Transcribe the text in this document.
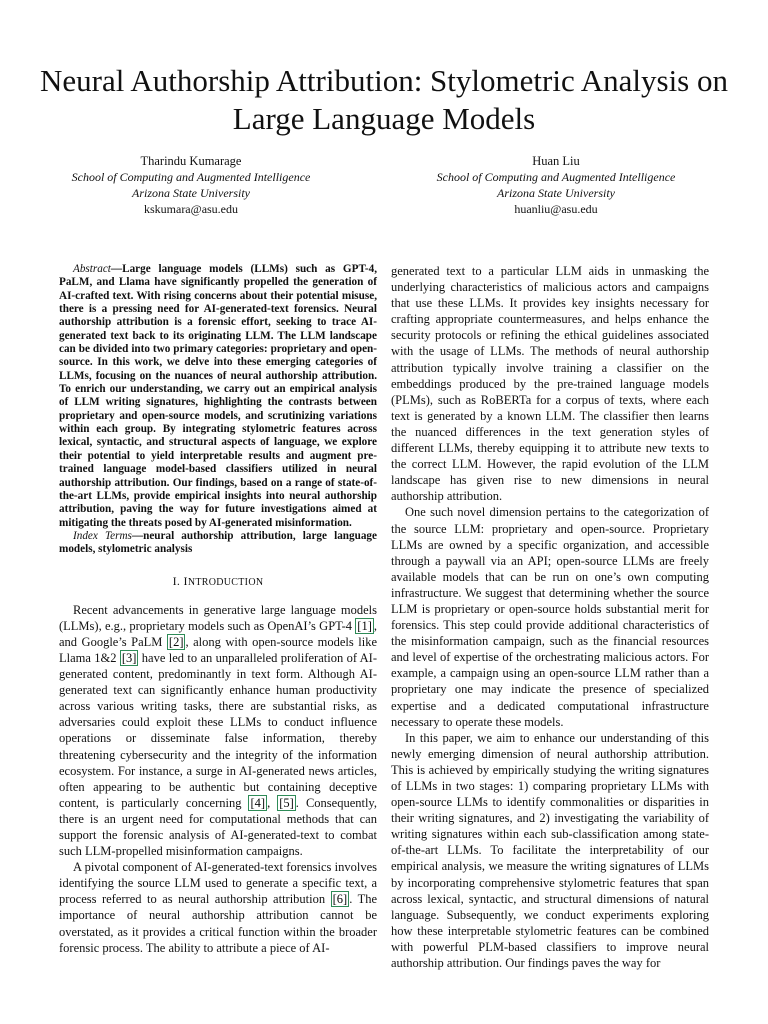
Neural Authorship Attribution: Stylometric Analysis on Large Language Models
Tharindu Kumarage
School of Computing and Augmented Intelligence
Arizona State University
kskumara@asu.edu
Huan Liu
School of Computing and Augmented Intelligence
Arizona State University
huanliu@asu.edu

Abstract—Large language models (LLMs) such as GPT-4, PaLM, and Llama have significantly propelled the generation of AI-crafted text. With rising concerns about their potential misuse, there is a pressing need for AI-generated-text forensics. Neural authorship attribution is a forensic effort, seeking to trace AI-generated text back to its originating LLM. The LLM landscape can be divided into two primary categories: proprietary and open-source. In this work, we delve into these emerging categories of LLMs, focusing on the nuances of neural authorship attribution. To enrich our understanding, we carry out an empirical analysis of LLM writing signatures, highlighting the contrasts between proprietary and open-source models, and scrutinizing variations within each group. By integrating stylometric features across lexical, syntactic, and structural aspects of language, we explore their potential to yield interpretable results and augment pre-trained language model-based classifiers utilized in neural authorship attribution. Our findings, based on a range of state-of-the-art LLMs, provide empirical insights into neural authorship attribution, paving the way for future investigations aimed at mitigating the threats posed by AI-generated misinformation.

Index Terms—neural authorship attribution, large language models, stylometric analysis

I. INTRODUCTION

Recent advancements in generative large language models (LLMs), e.g., proprietary models such as OpenAI’s GPT-4 [1] , and Google’s PaLM [2] , along with open-source models like Llama 1&2 [3] have led to an unparalleled proliferation of AI-generated content, predominantly in text form. Although AI-generated text can significantly enhance human productivity across various writing tasks, there are substantial risks, as adversaries could exploit these LLMs to conduct influence operations or disseminate false information, thereby threatening cybersecurity and the integrity of the information ecosystem. For instance, a surge in AI-generated news articles, often appearing to be authentic but containing deceptive content, is particularly concerning [4] , [5] . Consequently, there is an urgent need for computational methods that can support the forensic analysis of AI-generated-text to combat such LLM-propelled misinformation campaigns.

A pivotal component of AI-generated-text forensics involves identifying the source LLM used to generate a specific text, a process referred to as neural authorship attribution [6] . The importance of neural authorship attribution cannot be overstated, as it provides a critical function within the broader forensic process. The ability to attribute a piece of AI-

generated text to a particular LLM aids in unmasking the underlying characteristics of malicious actors and campaigns that use these LLMs. It provides key insights necessary for crafting appropriate countermeasures, and helps enhance the security protocols or refining the ethical guidelines associated with the usage of LLMs. The methods of neural authorship attribution typically involve training a classifier on the embeddings produced by the pre-trained language models (PLMs), such as RoBERTa for a corpus of texts, where each text is generated by a known LLM. The classifier then learns the nuanced differences in the text generation styles of different LLMs, thereby equipping it to attribute new texts to the correct LLM. However, the rapid evolution of the LLM landscape has given rise to new dimensions in neural authorship attribution.

One such novel dimension pertains to the categorization of the source LLM: proprietary and open-source. Proprietary LLMs are owned by a specific organization, and accessible through a paywall via an API; open-source LLMs are freely available models that can be run on one’s own computing infrastructure. We suggest that determining whether the source LLM is proprietary or open-source holds substantial merit for forensics. This step could provide additional characteristics of the misinformation campaign, such as the financial resources and level of expertise of the orchestrating malicious actors. For example, a campaign using an open-source LLM rather than a proprietary one may indicate the presence of specialized expertise and a dedicated computational infrastructure necessary to operate these models.

In this paper, we aim to enhance our understanding of this newly emerging dimension of neural authorship attribution. This is achieved by empirically studying the writing signatures of LLMs in two stages: 1) comparing proprietary LLMs with open-source LLMs to identify commonalities or disparities in their writing signatures, and 2) investigating the variability of writing signatures within each sub-classification among state-of-the-art LLMs. To facilitate the interpretability of our empirical analysis, we measure the writing signatures of LLMs by incorporating comprehensive stylometric features that span across lexical, syntactic, and structural dimensions of natural language. Subsequently, we conduct experiments exploring how these interpretable stylometric features can be combined with powerful PLM-based classifiers to improve neural authorship attribution. Our findings paves the way for
